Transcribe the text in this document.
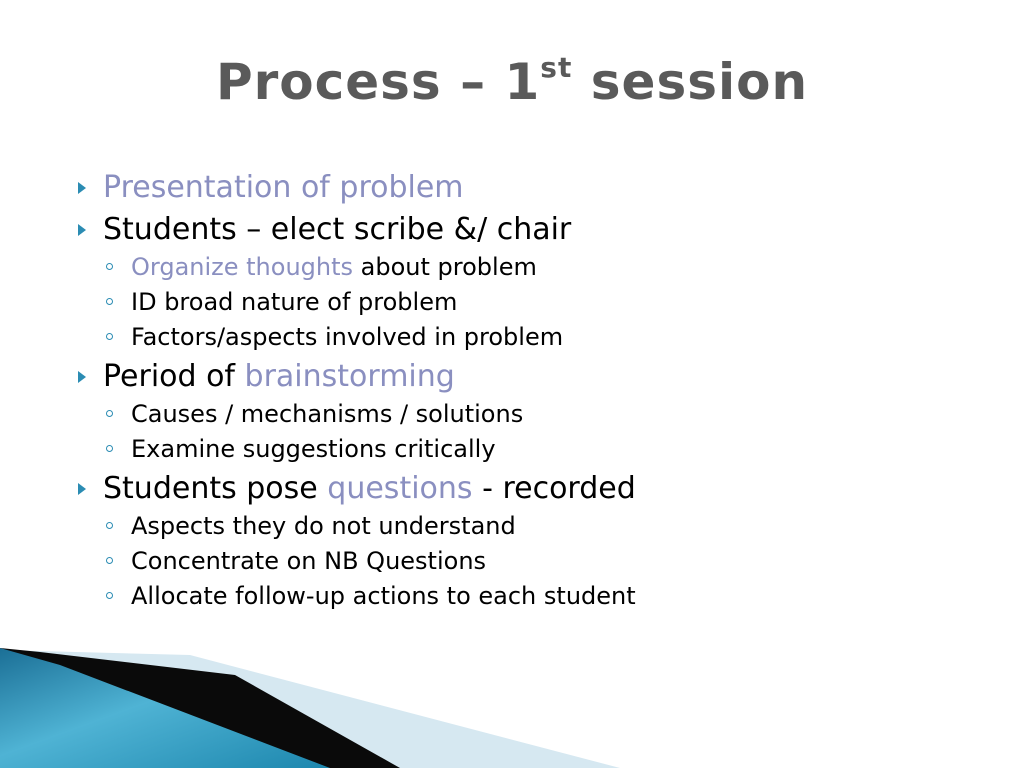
Process – 1st session
Presentation of problem
Students – elect scribe &/ chair
Organize thoughts about problem
ID broad nature of problem
Factors/aspects involved in problem
Period of brainstorming
Causes / mechanisms / solutions
Examine suggestions critically
Students pose questions - recorded
Aspects they do not understand
Concentrate on NB Questions
Allocate follow-up actions to each student
